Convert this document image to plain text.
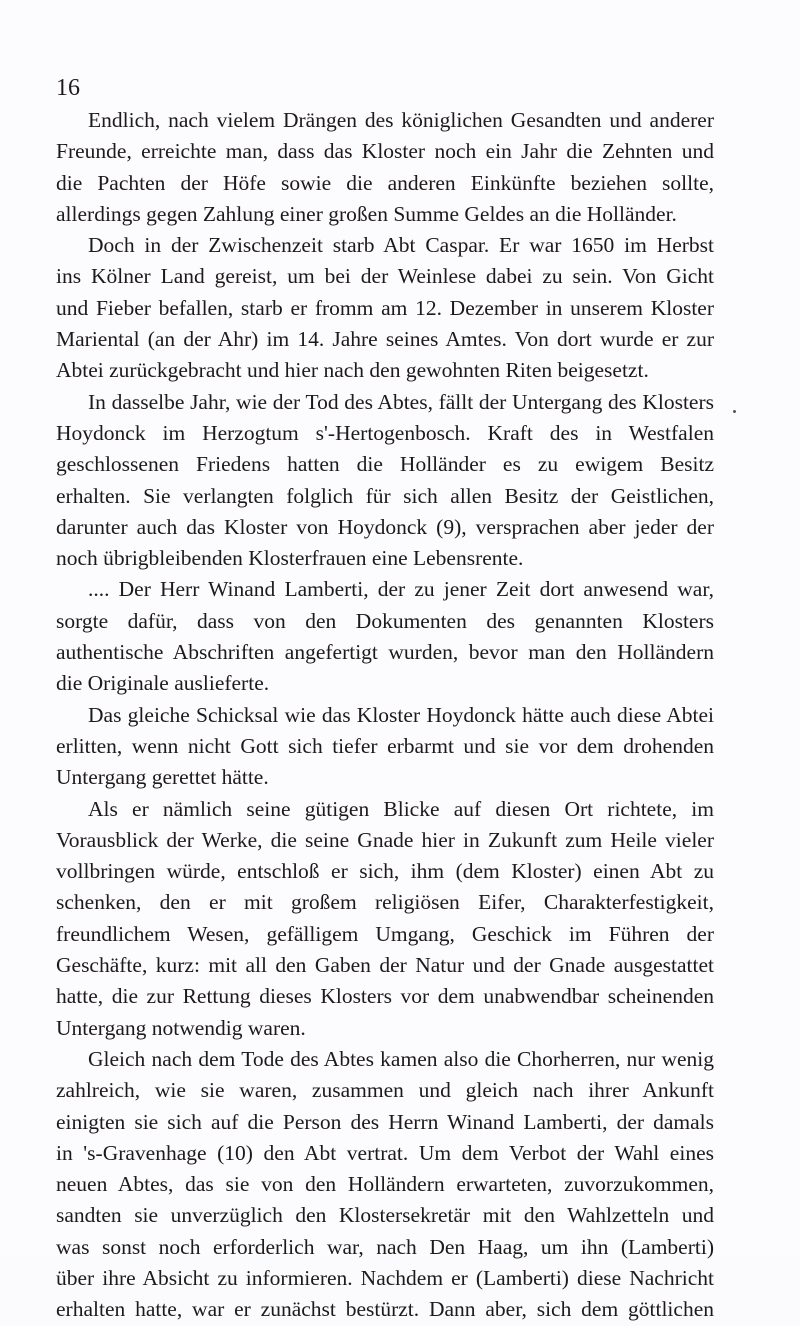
16
Endlich, nach vielem Drängen des königlichen Gesandten und anderer
Freunde, erreichte man, dass das Kloster noch ein Jahr die Zehnten und
die Pachten der Höfe sowie die anderen Einkünfte beziehen sollte,
allerdings gegen Zahlung einer großen Summe Geldes an die Holländer.
Doch in der Zwischenzeit starb Abt Caspar. Er war 1650 im Herbst
ins Kölner Land gereist, um bei der Weinlese dabei zu sein. Von Gicht
und Fieber befallen, starb er fromm am 12. Dezember in unserem Kloster
Mariental (an der Ahr) im 14. Jahre seines Amtes. Von dort wurde er zur
Abtei zurückgebracht und hier nach den gewohnten Riten beigesetzt.
In dasselbe Jahr, wie der Tod des Abtes, fällt der Untergang des Klosters
Hoydonck im Herzogtum s'-Hertogenbosch. Kraft des in Westfalen
geschlossenen Friedens hatten die Holländer es zu ewigem Besitz
erhalten. Sie verlangten folglich für sich allen Besitz der Geistlichen,
darunter auch das Kloster von Hoydonck (9), versprachen aber jeder der
noch übrigbleibenden Klosterfrauen eine Lebensrente.
.... Der Herr Winand Lamberti, der zu jener Zeit dort anwesend war,
sorgte dafür, dass von den Dokumenten des genannten Klosters
authentische Abschriften angefertigt wurden, bevor man den Holländern
die Originale auslieferte.
Das gleiche Schicksal wie das Kloster Hoydonck hätte auch diese Abtei
erlitten, wenn nicht Gott sich tiefer erbarmt und sie vor dem drohenden
Untergang gerettet hätte.
Als er nämlich seine gütigen Blicke auf diesen Ort richtete, im
Vorausblick der Werke, die seine Gnade hier in Zukunft zum Heile vieler
vollbringen würde, entschloß er sich, ihm (dem Kloster) einen Abt zu
schenken, den er mit großem religiösen Eifer, Charakterfestigkeit,
freundlichem Wesen, gefälligem Umgang, Geschick im Führen der
Geschäfte, kurz: mit all den Gaben der Natur und der Gnade ausgestattet
hatte, die zur Rettung dieses Klosters vor dem unabwendbar scheinenden
Untergang notwendig waren.
Gleich nach dem Tode des Abtes kamen also die Chorherren, nur wenig
zahlreich, wie sie waren, zusammen und gleich nach ihrer Ankunft
einigten sie sich auf die Person des Herrn Winand Lamberti, der damals
in 's-Gravenhage (10) den Abt vertrat. Um dem Verbot der Wahl eines
neuen Abtes, das sie von den Holländern erwarteten, zuvorzukommen,
sandten sie unverzüglich den Klostersekretär mit den Wahlzetteln und
was sonst noch erforderlich war, nach Den Haag, um ihn (Lamberti)
über ihre Absicht zu informieren. Nachdem er (Lamberti) diese Nachricht
erhalten hatte, war er zunächst bestürzt. Dann aber, sich dem göttlichen
